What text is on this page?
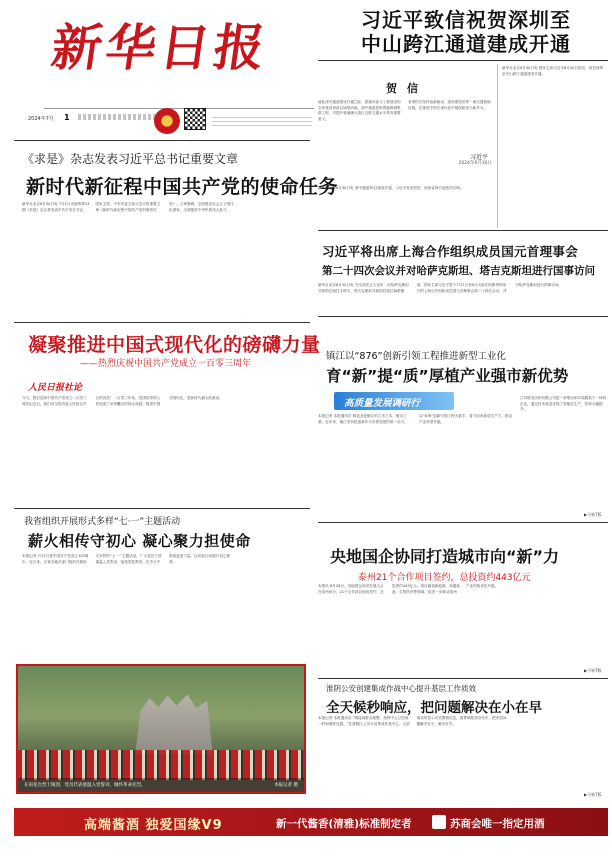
新华日报
2024年7月 1
习近平致信祝贺深圳至
中山跨江通道建成开通
贺信
值此深中通道建成开通之际，我谨向参与工程建设的全体建设者致以诚挚问候。深中通道是世界级跨海集群工程，对提升粤港澳大湾区互联互通水平具有重要意义。
希望你们坚持创新驱动，加快建设世界一流交通基础设施，在推进中国式现代化中展现新担当新作为。
习近平
2024年6月30日
新华社北京6月30日电 国家主席习近平6月30日致信，祝贺深圳至中山跨江通道建成开通。
新华社北京6月30日电 深中通道30日建成开通，习近平发来贺信，现场宣读引起热烈反响。
《求是》杂志发表习近平总书记重要文章
新时代新征程中国共产党的使命任务
新华社北京6月30日电 7月1日出版的第13期《求是》杂志将发表中共中央总书记、国家主席、中央军委主席习近平的重要文章《新时代新征程中国共产党的使命任务》。文章强调，全面建设社会主义现代化国家，全面推进中华民族伟大复兴。
凝聚推进中国式现代化的磅礴力量
——热烈庆祝中国共产党成立一百零三周年
人民日报社论
今天，我们迎来中国共产党成立一百零三周年纪念日。我们向全国各族人民致以节日的祝贺！一百零三年来，党团结带领人民创造了举世瞩目的伟大成就，推进中国式现代化，是新时代最大的政治。
习近平将出席上海合作组织成员国元首理事会
第二十四次会议并对哈萨克斯坦、塔吉克斯坦进行国事访问
新华社北京6月30日电 外交部发言人宣布：应哈萨克斯坦共和国总统托卡耶夫、塔吉克斯坦共和国总统拉赫蒙邀请，国家主席习近平将于7月2日至6日出席在阿斯塔纳举行的上海合作组织成员国元首理事会第二十四次会议，并对哈萨克斯坦进行国事访问。
镇江以“876”创新引领工程推进新型工业化
育“新”提“质”厚植产业强市新优势
高质量发展调研行
本报记者 本报通讯员 制造业是镇江的立市之本、强市之基。近年来，镇江坚持把创新作为引领发展的第一动力，以“876”创新引领工程为抓手，着力培育新质生产力，推动产业转型升级。
江苏联发纺织有限公司是一家集纺织印染服装于一体的企业，通过技术改造实现了智能化生产，效率大幅提升。
▶下转7版
我省组织开展形式多样“七·一”主题活动
薪火相传守初心 凝心聚力担使命
本报记者 7月1日是中国共产党成立103周年。连日来，全省各地各部门组织开展形式多样的“七·一”主题活动，广大党员干部重温入党誓词，接受党性教育，在学习中汲取奋进力量，以实际行动践行初心使命。
在雨花台烈士陵园，党员代表重温入党誓词，缅怀革命先烈。	本报记者 摄
央地国企协同打造城市向“新”力
泰州21个合作项目签约，总投资约443亿元
本报讯 6月28日，央地国企协同发展大会在泰州举行，21个合作项目现场签约，总投资约443亿元。项目涵盖新能源、高端装备、生物医药等领域，将进一步推动泰州产业结构优化升级。
▶下转7版
淮阴公安创建集成作战中心提升基层工作质效
全天候秒响应，把问题解决在小在早
本报记者 本报通讯员 “刚接到群众报警，指挥中心已经第一时间调度处置。”在淮阴区公安分局集成作战中心，大屏幕实时显示各类警情信息，指挥调度高效有序，把矛盾问题解决在小、解决在早。
▶下转7版
高端酱酒 独爱国缘V9	新一代酱香(清雅)标准制定者	苏商会唯一指定用酒
